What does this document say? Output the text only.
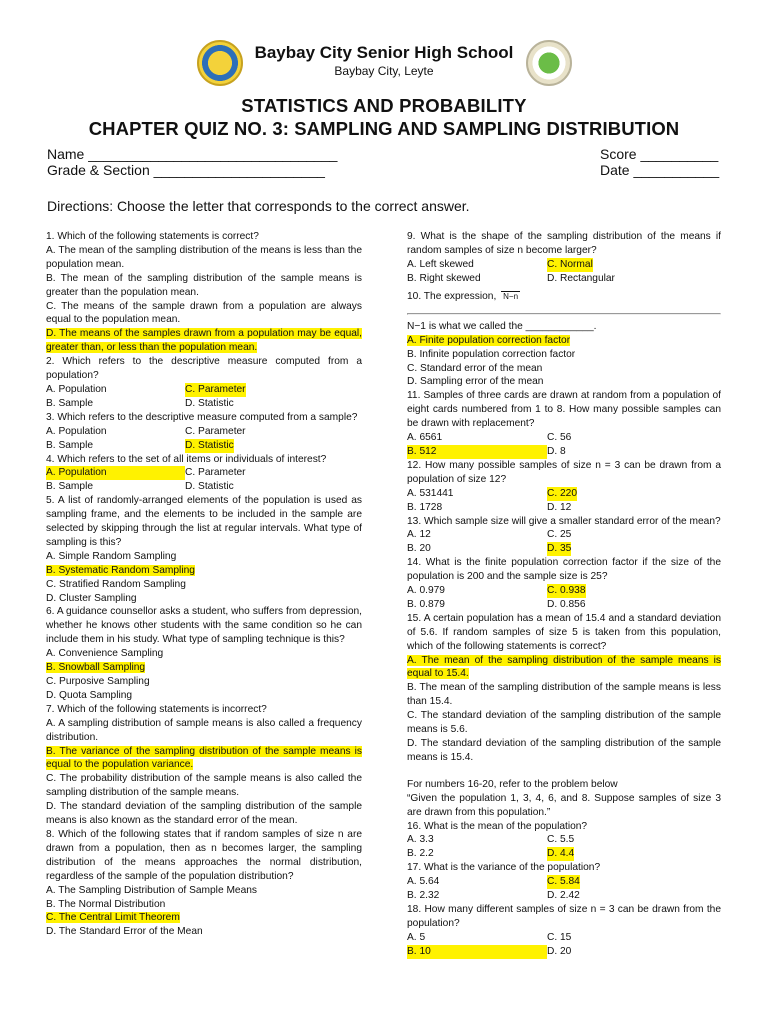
Baybay City Senior High School
Baybay City, Leyte
STATISTICS AND PROBABILITY
CHAPTER QUIZ NO. 3: SAMPLING AND SAMPLING DISTRIBUTION
Name ________________________________
Grade & Section ______________________
Score __________
Date ___________
Directions: Choose the letter that corresponds to the correct answer.

1. Which of the following statements is correct?

A. The mean of the sampling distribution of the means is less than the population mean.

B. The mean of the sampling distribution of the sample means is greater than the population mean.

C. The means of the sample drawn from a population are always equal to the population mean.

D. The means of the samples drawn from a population may be equal, greater than, or less than the population mean.

2. Which refers to the descriptive measure computed from a population?

A. Population	C. Parameter
B. Sample	D. Statistic

3. Which refers to the descriptive measure computed from a sample?

A. Population	C. Parameter
B. Sample	D. Statistic

4. Which refers to the set of all items or individuals of interest?

A. Population	C. Parameter
B. Sample	D. Statistic

5. A list of randomly-arranged elements of the population is used as sampling frame, and the elements to be included in the sample are selected by skipping through the list at regular intervals. What type of sampling is this?

A. Simple Random Sampling

B. Systematic Random Sampling

C. Stratified Random Sampling

D. Cluster Sampling

6. A guidance counsellor asks a student, who suffers from depression, whether he knows other students with the same condition so he can include them in his study. What type of sampling technique is this?

A. Convenience Sampling

B. Snowball Sampling

C. Purposive Sampling

D. Quota Sampling

7. Which of the following statements is incorrect?

A. A sampling distribution of sample means is also called a frequency distribution.

B. The variance of the sampling distribution of the sample means is equal to the population variance.

C. The probability distribution of the sample means is also called the sampling distribution of the sample means.

D. The standard deviation of the sampling distribution of the sample means is also known as the standard error of the mean.

8. Which of the following states that if random samples of size n are drawn from a population, then as n becomes larger, the sampling distribution of the means approaches the normal distribution, regardless of the sample of the population distribution?

A. The Sampling Distribution of Sample Means

B. The Normal Distribution

C. The Central Limit Theorem

D. The Standard Error of the Mean

9. What is the shape of the sampling distribution of the means if random samples of size n become larger?

A. Left skewed	C. Normal
B. Right skewed	D. Rectangular

10. The expression, N−n

N−1 is what we called the ____________.

A. Finite population correction factor

B. Infinite population correction factor

C. Standard error of the mean

D. Sampling error of the mean

11. Samples of three cards are drawn at random from a population of eight cards numbered from 1 to 8. How many possible samples can be drawn with replacement?

A. 6561	C. 56
B. 512	D. 8

12. How many possible samples of size n = 3 can be drawn from a population of size 12?

A. 531441	C. 220
B. 1728	D. 12

13. Which sample size will give a smaller standard error of the mean?

A. 12	C. 25
B. 20	D. 35

14. What is the finite population correction factor if the size of the population is 200 and the sample size is 25?

A. 0.979	C. 0.938
B. 0.879	D. 0.856

15. A certain population has a mean of 15.4 and a standard deviation of 5.6. If random samples of size 5 is taken from this population, which of the following statements is correct?

A. The mean of the sampling distribution of the sample means is equal to 15.4.

B. The mean of the sampling distribution of the sample means is less than 15.4.

C. The standard deviation of the sampling distribution of the sample means is 5.6.

D. The standard deviation of the sampling distribution of the sample means is 15.4.

For numbers 16-20, refer to the problem below

“Given the population 1, 3, 4, 6, and 8. Suppose samples of size 3 are drawn from this population.”

16. What is the mean of the population?

A. 3.3	C. 5.5
B. 2.2	D. 4.4

17. What is the variance of the population?

A. 5.64	C. 5.84
B. 2.32	D. 2.42

18. How many different samples of size n = 3 can be drawn from the population?

A. 5	C. 15
B. 10	D. 20
